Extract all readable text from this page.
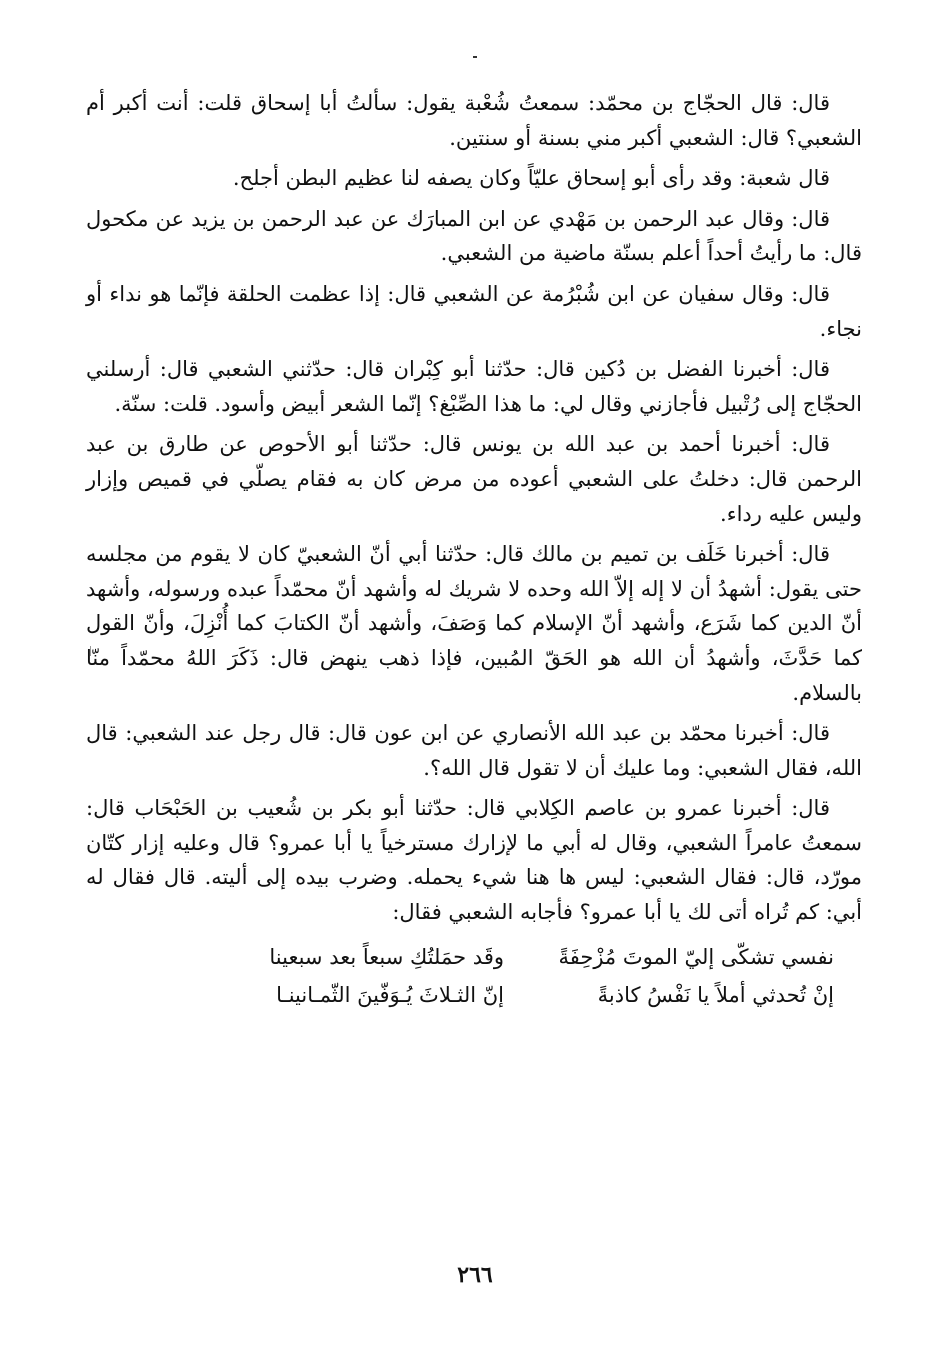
قال: قال الحجّاج بن محمّد: سمعتُ شُعْبة يقول: سألتُ أبا إسحاق قلت: أنت أكبر أم الشعبي؟ قال: الشعبي أكبر مني بسنة أو سنتين.

قال شعبة: وقد رأى أبو إسحاق عليّاً وكان يصفه لنا عظيم البطن أجلح.

قال: وقال عبد الرحمن بن مَهْدي عن ابن المبارَك عن عبد الرحمن بن يزيد عن مكحول قال: ما رأيتُ أحداً أعلم بسنّة ماضية من الشعبي.

قال: وقال سفيان عن ابن شُبْرُمة عن الشعبي قال: إذا عظمت الحلقة فإنّما هو نداء أو نجاء.

قال: أخبرنا الفضل بن دُكين قال: حدّثنا أبو كِبْران قال: حدّثني الشعبي قال: أرسلني الحجّاج إلى رُتْبيل فأجازني وقال لي: ما هذا الصِّبْغ؟ إنّما الشعر أبيض وأسود. قلت: سنّة.

قال: أخبرنا أحمد بن عبد الله بن يونس قال: حدّثنا أبو الأحوص عن طارق بن عبد الرحمن قال: دخلتُ على الشعبي أعوده من مرض كان به فقام يصلّي في قميص وإزار وليس عليه رداء.

قال: أخبرنا خَلَف بن تميم بن مالك قال: حدّثنا أبي أنّ الشعبيّ كان لا يقوم من مجلسه حتى يقول: أشهدُ أن لا إله إلاّ الله وحده لا شريك له وأشهد أنّ محمّداً عبده ورسوله، وأشهد أنّ الدين كما شَرَع، وأشهد أنّ الإسلام كما وَصَفَ، وأشهد أنّ الكتابَ كما أُنْزِلَ، وأنّ القول كما حَدَّثَ، وأشهدُ أن الله هو الحَقّ المُبين، فإذا ذهب ينهض قال: ذَكَرَ اللهُ محمّداً منّا بالسلام.

قال: أخبرنا محمّد بن عبد الله الأنصاري عن ابن عون قال: قال رجل عند الشعبي: قال الله، فقال الشعبي: وما عليك أن لا تقول قال الله؟.

قال: أخبرنا عمرو بن عاصم الكِلابي قال: حدّثنا أبو بكر بن شُعيب بن الحَبْحَاب قال: سمعتُ عامراً الشعبي، وقال له أبي ما لإزارك مسترخياً يا أبا عمرو؟ قال وعليه إزار كتّان مورّد، قال: فقال الشعبي: ليس ها هنا شيء يحمله. وضرب بيده إلى أليته. قال فقال له أبي: كم تُراه أتى لك يا أبا عمرو؟ فأجابه الشعبي فقال:

نفسي تشكّى إليّ الموتَ مُزْحِفَةً
وقَد حمَلتُكِ سبعاً بعد سبعينا
إنْ تُحدثي أملاً يا نَفْسُ كاذبةً
إنّ الثـلاثَ يُـوَفّينَ الثّمـانينـا
٢٦٦
